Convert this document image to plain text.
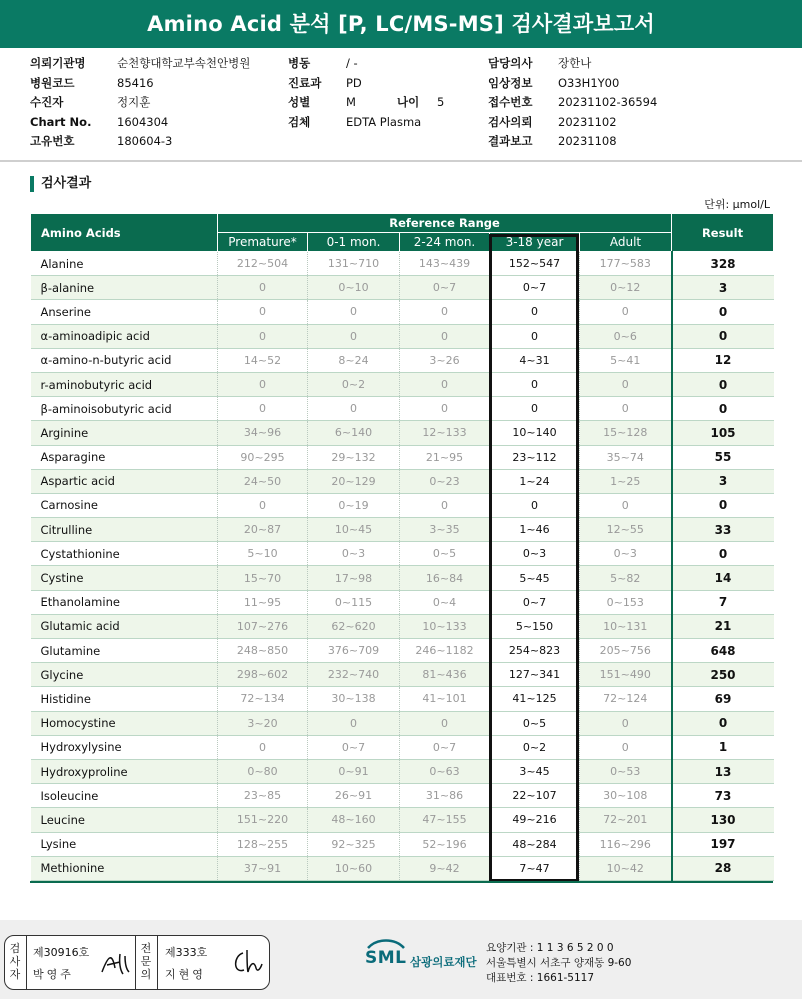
Amino Acid 분석 [P, LC/MS-MS] 검사결과보고서
의뢰기관명	순천향대학교부속천안병원
병원코드	85416
수진자	정지훈
Chart No. 1604304
고유번호	180604-3
병동	/ -
진료과 PD
성별	M	나이 5
검체	EDTA Plasma
담당의사 장한나
임상정보 O33H1Y00
접수번호 20231102-36594
검사의뢰 20231102
결과보고 20231108
검사결과
단위: μmol/L
Amino Acids	Reference Range					Result
	Premature*	0-1 mon.	2-24 mon.	3-18 year	Adult	
Alanine	212~504	131~710	143~439	152~547	177~583	328
β-alanine	0	0~10	0~7	0~7	0~12	3
Anserine	0	0	0	0	0	0
α-aminoadipic acid	0	0	0	0	0~6	0
α-amino-n-butyric acid	14~52	8~24	3~26	4~31	5~41	12
r-aminobutyric acid	0	0~2	0	0	0	0
β-aminoisobutyric acid	0	0	0	0	0	0
Arginine	34~96	6~140	12~133	10~140	15~128	105
Asparagine	90~295	29~132	21~95	23~112	35~74	55
Aspartic acid	24~50	20~129	0~23	1~24	1~25	3
Carnosine	0	0~19	0	0	0	0
Citrulline	20~87	10~45	3~35	1~46	12~55	33
Cystathionine	5~10	0~3	0~5	0~3	0~3	0
Cystine	15~70	17~98	16~84	5~45	5~82	14
Ethanolamine	11~95	0~115	0~4	0~7	0~153	7
Glutamic acid	107~276	62~620	10~133	5~150	10~131	21
Glutamine	248~850	376~709	246~1182	254~823	205~756	648
Glycine	298~602	232~740	81~436	127~341	151~490	250
Histidine	72~134	30~138	41~101	41~125	72~124	69
Homocystine	3~20	0	0	0~5	0	0
Hydroxylysine	0	0~7	0~7	0~2	0	1
Hydroxyproline	0~80	0~91	0~63	3~45	0~53	13
Isoleucine	23~85	26~91	31~86	22~107	30~108	73
Leucine	151~220	48~160	47~155	49~216	72~201	130
Lysine	128~255	92~325	52~196	48~284	116~296	197
Methionine	37~91	10~60	9~42	7~47	10~42	28
검
사
자
제30916호
박영주
전
문
의
제333호
지현영
SML 삼광의료재단
요양기관 : 1 1 3 6 5 2 0 0
서울특별시 서초구 양재동 9-60
대표번호 : 1661-5117
